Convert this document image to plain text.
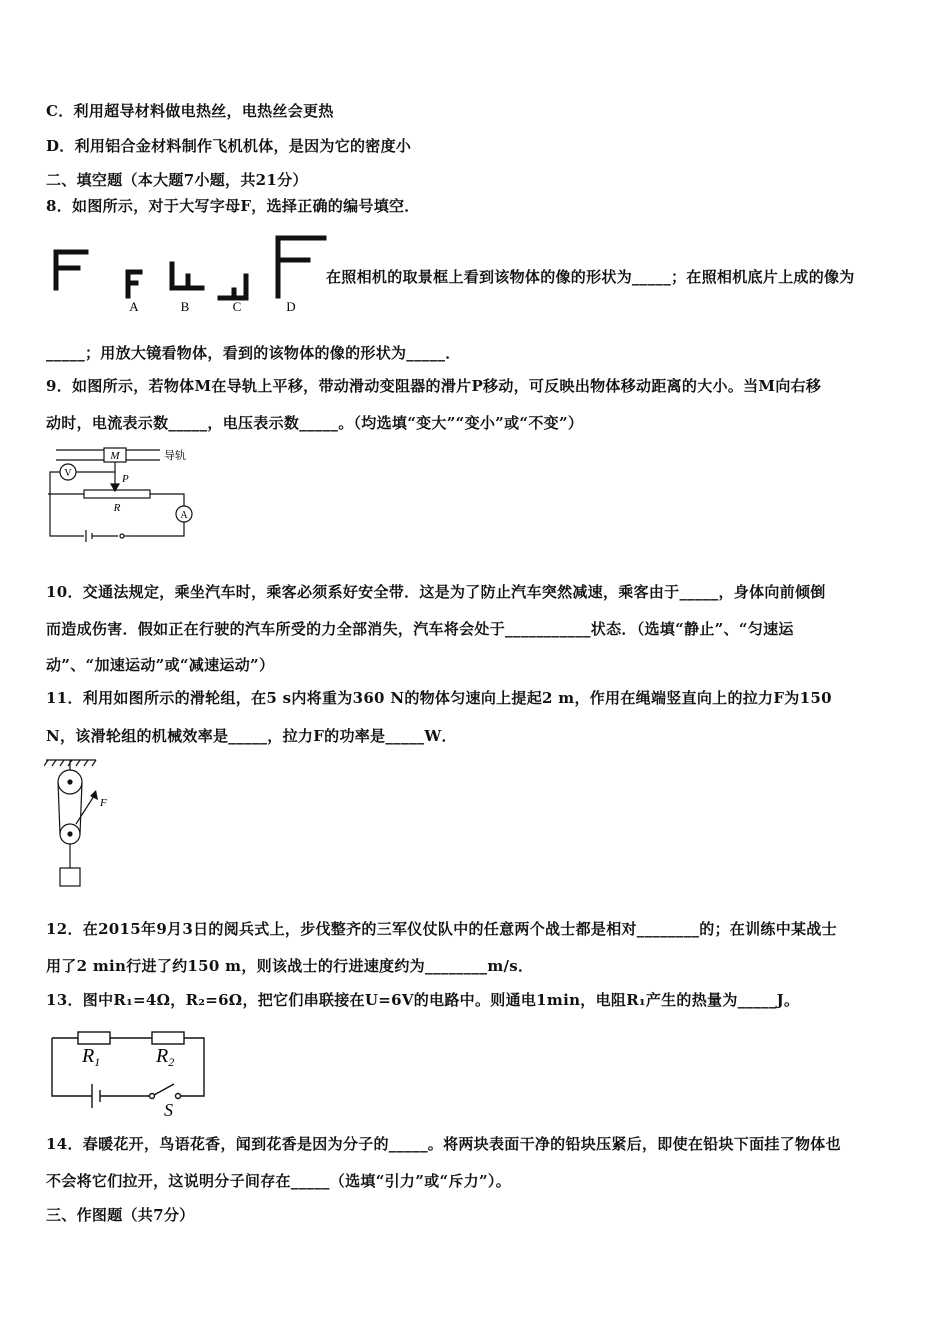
C．利用超导材料做电热丝，电热丝会更热
D．利用铝合金材料制作飞机机体，是因为它的密度小
二、填空题（本大题7小题，共21分）
8．如图所示，对于大写字母F，选择正确的编号填空．
A	B	C	D
在照相机的取景框上看到该物体的像的形状为_____；在照相机底片上成的像为
_____；用放大镜看物体，看到的该物体的像的形状为_____．
9．如图所示，若物体M在导轨上平移，带动滑动变阻器的滑片P移动，可反映出物体移动距离的大小。当M向右移
动时，电流表示数_____，电压表示数_____。（均选填“变大”“变小”或“不变”）
M	导轨
P
R
V
A
10．交通法规定，乘坐汽车时，乘客必须系好安全带．这是为了防止汽车突然减速，乘客由于_____，身体向前倾倒
而造成伤害．假如正在行驶的汽车所受的力全部消失，汽车将会处于___________状态．（选填“静止”、“匀速运
动”、“加速运动”或“减速运动”）
11．利用如图所示的滑轮组，在5 s内将重为360 N的物体匀速向上提起2 m，作用在绳端竖直向上的拉力F为150
N，该滑轮组的机械效率是_____，拉力F的功率是_____W．
F
12．在2015年9月3日的阅兵式上，步伐整齐的三军仪仗队中的任意两个战士都是相对________的；在训练中某战士
用了2 min行进了约150 m，则该战士的行进速度约为________m/s．
13．图中R₁=4Ω，R₂=6Ω，把它们串联接在U=6V的电路中。则通电1min，电阻R₁产生的热量为_____J。
$R_1$	$R_2$
S
14．春暖花开，鸟语花香，闻到花香是因为分子的_____。将两块表面干净的铅块压紧后，即使在铅块下面挂了物体也
不会将它们拉开，这说明分子间存在_____（选填“引力”或“斥力”）。
三、作图题（共7分）
